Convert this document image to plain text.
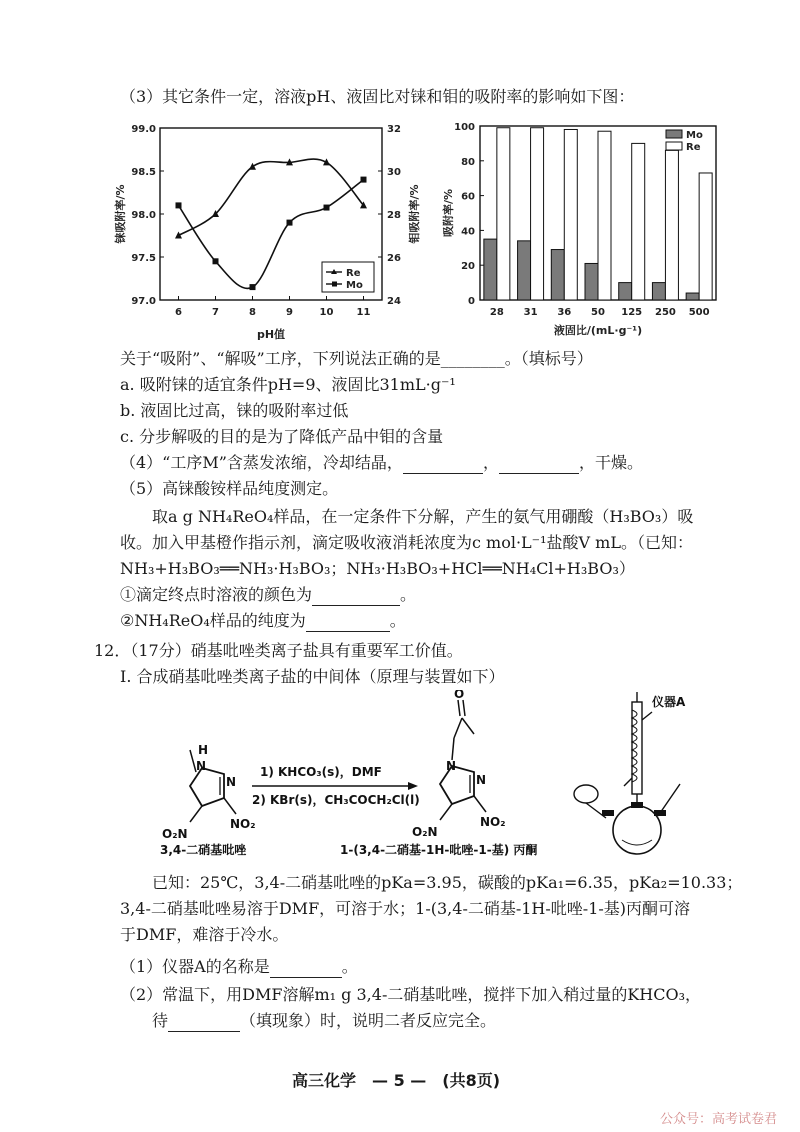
（3）其它条件一定，溶液pH、液固比对铼和钼的吸附率的影响如下图：
97.0
97.5
98.0
98.5
99.0
24
26
28
30
32
6	7	8	9	10 11
pH值
铼吸附率/%	钼吸附率/%
Re
Mo
0
20
40
60
80
100
28 31 36 50 125 250 500
液固比/(mL·g⁻¹)
吸附率/%
Mo
Re
关于“吸附”、“解吸”工序，下列说法正确的是________。（填标号）
a. 吸附铼的适宜条件pH=9、液固比31mL·g⁻¹
b. 液固比过高，铼的吸附率过低
c. 分步解吸的目的是为了降低产品中钼的含量
（4）“工序M”含蒸发浓缩，冷却结晶，	，	，干燥。
（5）高铼酸铵样品纯度测定。
取a g NH₄ReO₄样品，在一定条件下分解，产生的氨气用硼酸（H₃BO₃）吸
收。加入甲基橙作指示剂，滴定吸收液消耗浓度为c mol·L⁻¹盐酸V mL。（已知：
NH₃+H₃BO₃══NH₃·H₃BO₃；NH₃·H₃BO₃+HCl══NH₄Cl+H₃BO₃）
①滴定终点时溶液的颜色为	。
②NH₄ReO₄样品的纯度为	。
12．（17分）硝基吡唑类离子盐具有重要军工价值。
I. 合成硝基吡唑类离子盐的中间体（原理与装置如下）
H
N
N
O₂N
NO₂
3,4-二硝基吡唑
1) KHCO₃(s)，DMF
2) KBr(s)，CH₃COCH₂Cl(l)
N
N
O
O₂N
NO₂
1-(3,4-二硝基-1H-吡唑-1-基) 丙酮
仪器A
已知：25℃，3,4-二硝基吡唑的pKa=3.95，碳酸的pKa₁=6.35，pKa₂=10.33；
3,4-二硝基吡唑易溶于DMF，可溶于水；1-(3,4-二硝基-1H-吡唑-1-基)丙酮可溶
于DMF，难溶于冷水。
（1）仪器A的名称是	。
（2）常温下，用DMF溶解m₁ g 3,4-二硝基吡唑，搅拌下加入稍过量的KHCO₃，
待	（填现象）时，说明二者反应完全。
高三化学　— 5 —　(共8页)
公众号：高考试卷君
